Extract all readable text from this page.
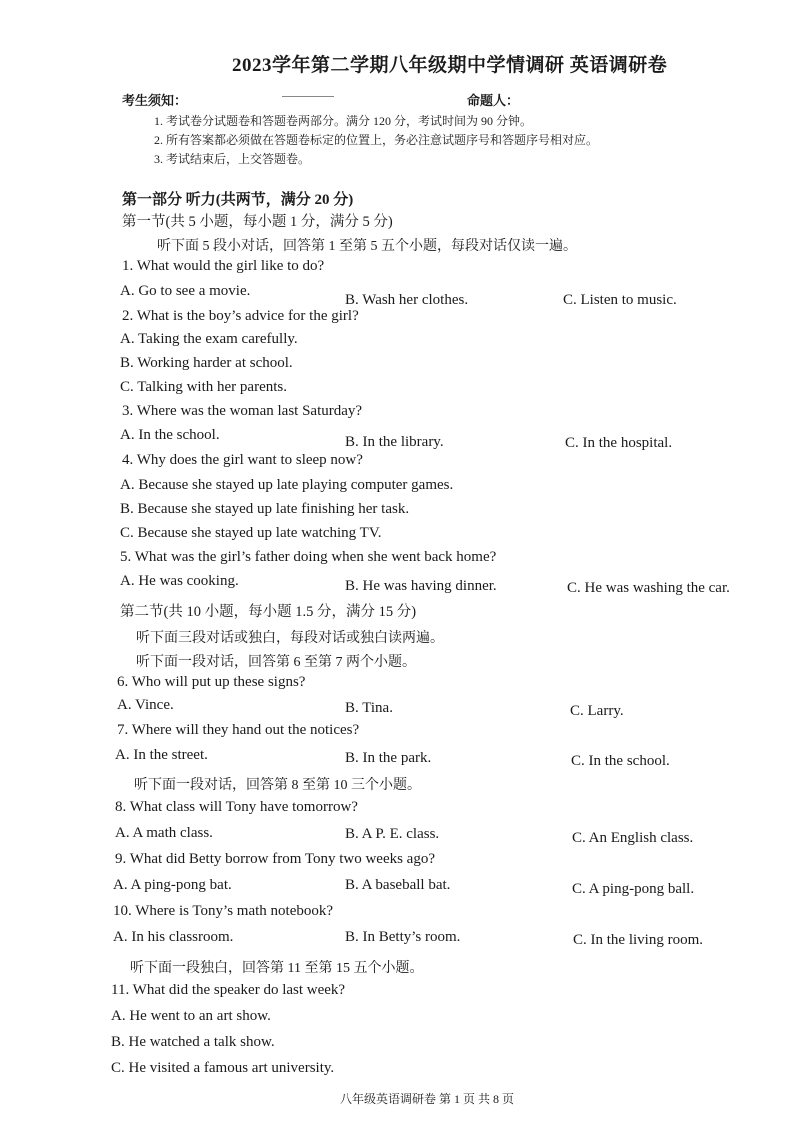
2023学年第二学期八年级期中学情调研 英语调研卷
考生须知：	命题人：
1. 考试卷分试题卷和答题卷两部分。满分 120 分，考试时间为 90 分钟。
2. 所有答案都必须做在答题卷标定的位置上，务必注意试题序号和答题序号相对应。
3. 考试结束后，上交答题卷。
第一部分 听力(共两节，满分 20 分)
第一节(共 5 小题，每小题 1 分，满分 5 分)
听下面 5 段小对话，回答第 1 至第 5 五个小题，每段对话仅读一遍。
1. What would the girl like to do?
A. Go to see a movie.
B. Wash her clothes.	C. Listen to music.
2. What is the boy’s advice for the girl?
A. Taking the exam carefully.
B. Working harder at school.
C. Talking with her parents.
3. Where was the woman last Saturday?
A. In the school.	B. In the library.	C. In the hospital.
4. Why does the girl want to sleep now?
A. Because she stayed up late playing computer games.
B. Because she stayed up late finishing her task.
C. Because she stayed up late watching TV.
5. What was the girl’s father doing when she went back home?
A. He was cooking.	B. He was having dinner.	C. He was washing the car.
第二节(共 10 小题，每小题 1.5 分，满分 15 分)
听下面三段对话或独白，每段对话或独白读两遍。
听下面一段对话，回答第 6 至第 7 两个小题。
6. Who will put up these signs?
A. Vince.	B. Tina.	C. Larry.
7. Where will they hand out the notices?
A. In the street.	B. In the park.	C. In the school.
听下面一段对话，回答第 8 至第 10 三个小题。
8. What class will Tony have tomorrow?
A. A math class.	B. A P. E. class.	C. An English class.
9. What did Betty borrow from Tony two weeks ago?
A. A ping-pong bat.	B. A baseball bat.	C. A ping-pong ball.
10. Where is Tony’s math notebook?
A. In his classroom.	B. In Betty’s room.	C. In the living room.
听下面一段独白，回答第 11 至第 15 五个小题。
11. What did the speaker do last week?
A. He went to an art show.
B. He watched a talk show.
C. He visited a famous art university.
八年级英语调研卷 第 1 页 共 8 页
